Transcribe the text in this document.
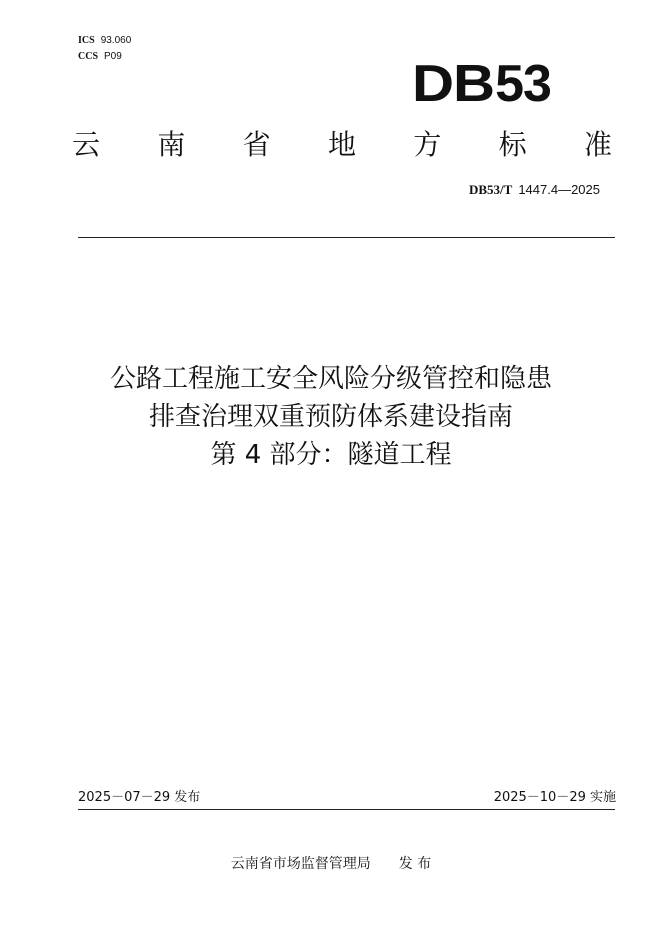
ICS 93.060
CCS P09	DB53
云 南 省 地 方 标 准
DB53/T 1447.4—2025
公路工程施工安全风险分级管控和隐患
排查治理双重预防体系建设指南
第 4 部分：隧道工程
2025－07－29 发布	2025－10－29 实施
云南省市场监督管理局 发 布
